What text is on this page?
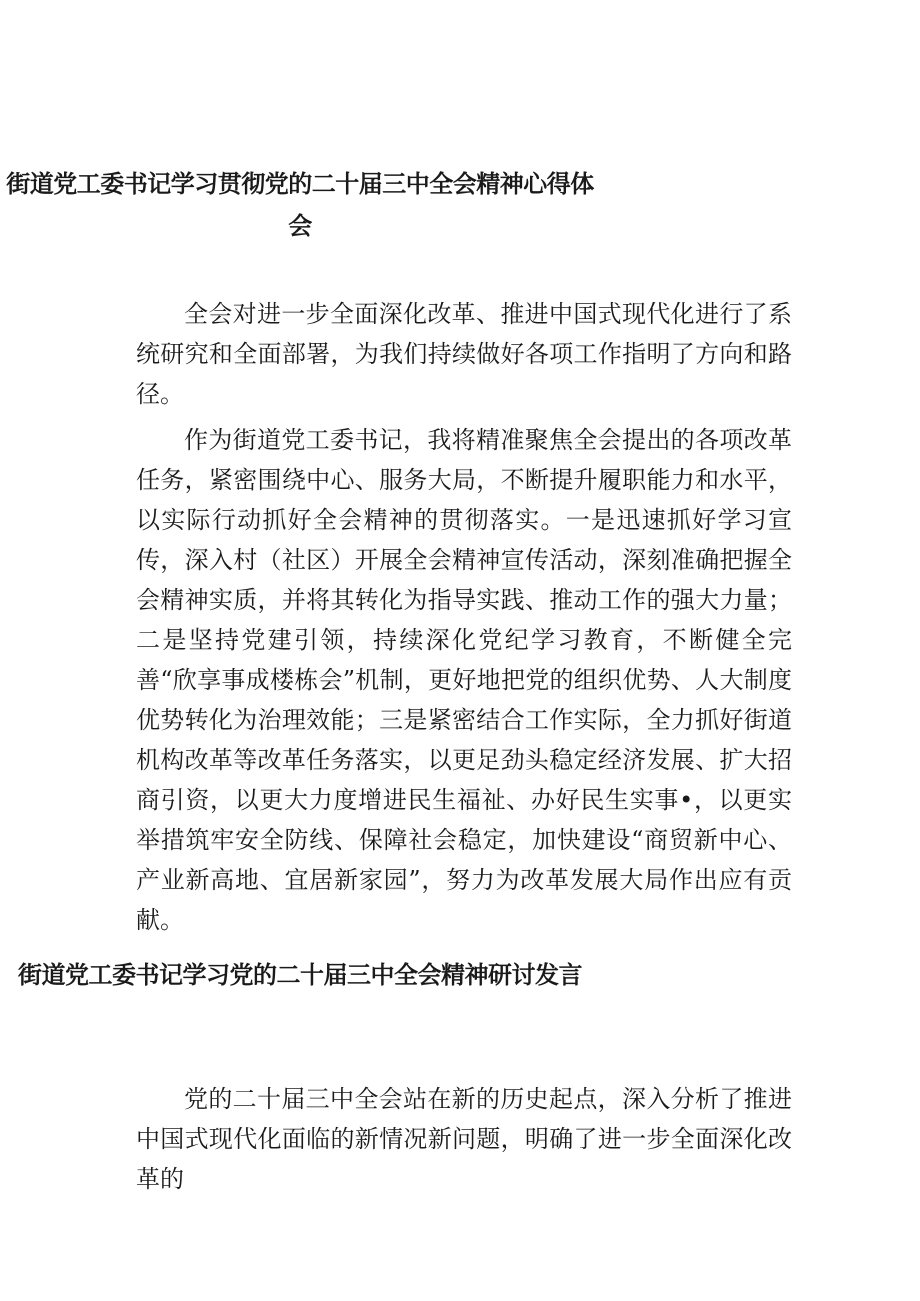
街道党工委书记学习贯彻党的二十届三中全会精神心得体会

全会对进一步全面深化改革、推进中国式现代化进行了系统研究和全面部署，为我们持续做好各项工作指明了方向和路径。

作为街道党工委书记，我将精准聚焦全会提出的各项改革任务，紧密围绕中心、服务大局，不断提升履职能力和水平，以实际行动抓好全会精神的贯彻落实。一是迅速抓好学习宣传，深入村（社区）开展全会精神宣传活动，深刻准确把握全会精神实质，并将其转化为指导实践、推动工作的强大力量；二是坚持党建引领，持续深化党纪学习教育，不断健全完善“欣享事成楼栋会”机制，更好地把党的组织优势、人大制度优势转化为治理效能；三是紧密结合工作实际，全力抓好街道机构改革等改革任务落实，以更足劲头稳定经济发展、扩大招商引资，以更大力度增进民生福祉、办好民生实事•，以更实举措筑牢安全防线、保障社会稳定，加快建设“商贸新中心、产业新高地、宜居新家园”，努力为改革发展大局作出应有贡献。

街道党工委书记学习党的二十届三中全会精神研讨发言

党的二十届三中全会站在新的历史起点，深入分析了推进中国式现代化面临的新情况新问题，明确了进一步全面深化改革的
